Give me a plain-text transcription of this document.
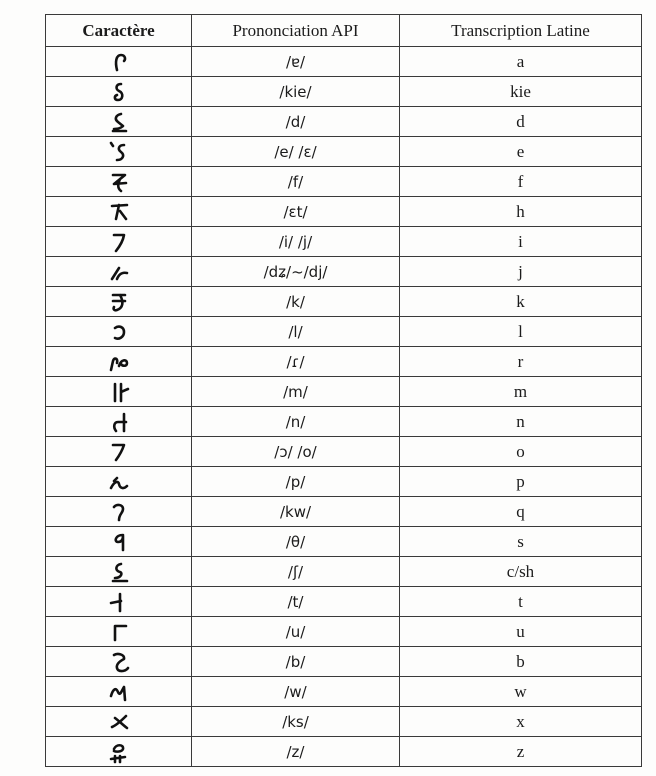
Caractère	Prononciation API	Transcription Latine

	/ɐ/	a

	/kie/	kie

	/d/	d

	/e/ /ɛ/	e

	/f/	f

	/ɛt/	h

	/i/ /j/	i

	/dʑ/~/dj/	j

	/k/	k

	/l/	l

	/ɾ/	r

	/m/	m

	/n/	n

	/ɔ/ /o/	o

	/p/	p

	/kw/	q

	/θ/	s

	/ʃ/	c/sh

	/t/	t

	/u/	u

	/b/	b

	/w/	w

	/ks/	x

	/z/	z
